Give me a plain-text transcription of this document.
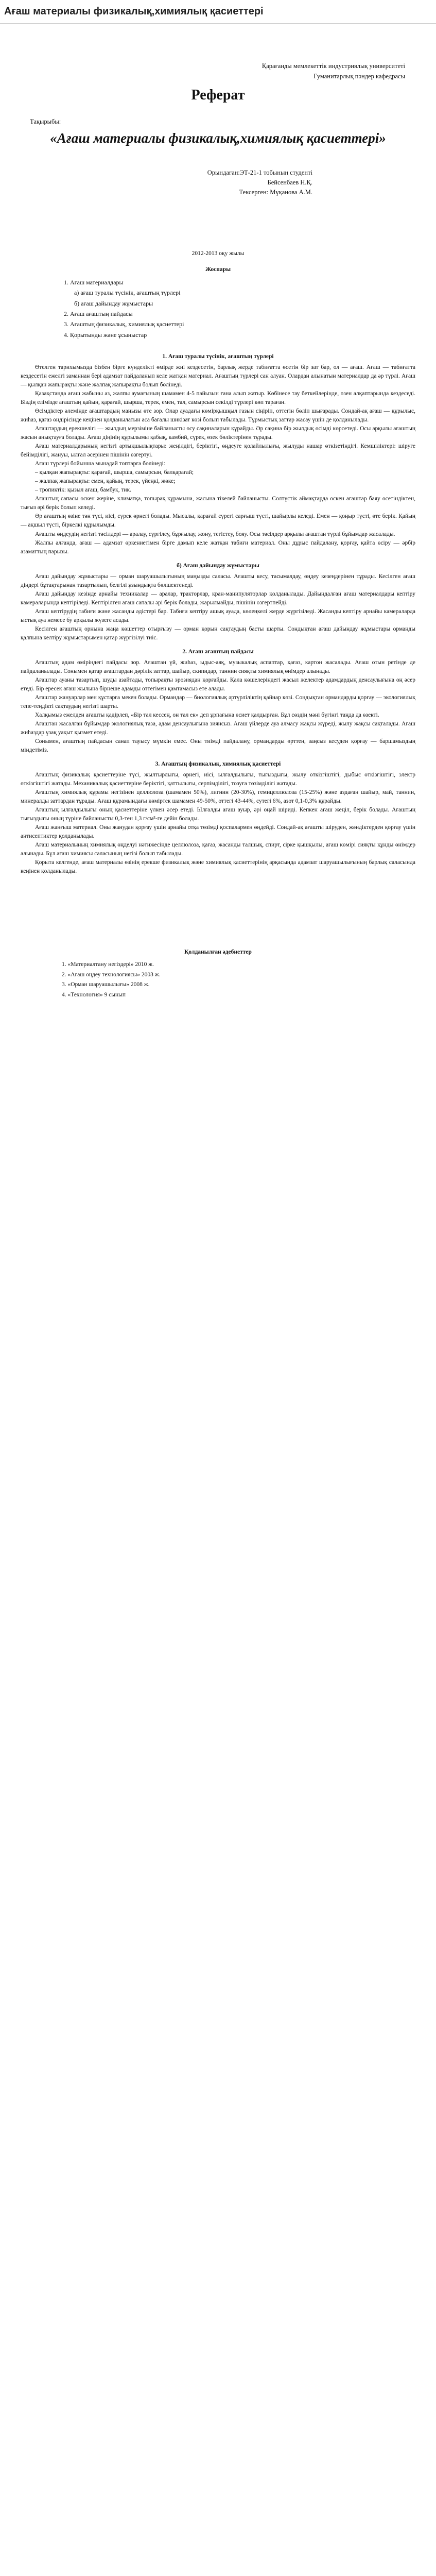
Ағаш материалы физикалық,химиялық қасиеттері
Қарағанды мемлекеттік индустриялық университеті
Гуманитарлық пәндер кафедрасы
Реферат
Тақырыбы:
«Ағаш материалы физикалық,химиялық қасиеттері»
Орындаған:ЭТ-21-1 тобының студенті
Бейсенбаев Н.Қ.
Тексерген: Мұқанова А.М.
2012-2013 оқу жылы
Жоспары
1. Ағаш материалдары
а) ағаш туралы түсінік, ағаштың түрлері
б) ағаш дайындау жұмыстары
2. Ағаш ағаштың пайдасы
3. Ағаштың физикалық, химиялық қасиеттері
4. Қорытынды және ұсыныстар
1. Ағаш туралы түсінік, ағаштың түрлері

Өтелген тарихымызда бізбен бірге күнделікті өмірде жиі кездесетін, барлық жерде табиғатта өсетін бір зат бар, ол — ағаш. Ағаш — табиғатта кездесетін ежелгі заманнан бері адамзат пайдаланып келе жатқан материал. Ағаштың түрлері сан алуан. Олардан алынатын материалдар да әр түрлі. Ағаш — қылқан жапырақты және жалпақ жапырақты болып бөлінеді.

Қазақстанда ағаш жабыны аз, жалпы аумағының шамамен 4-5 пайызын ғана алып жатыр. Көбінесе тау беткейлерінде, өзен алқаптарында кездеседі. Біздің елімізде ағаштың қайың, қарағай, шырша, терек, емен, тал, самырсын секілді түрлері көп тараған.

Өсімдіктер әлемінде ағаштардың маңызы өте зор. Олар ауадағы көмірқышқыл газын сіңіріп, оттегін бөліп шығарады. Сондай-ақ ағаш — құрылыс, жиһаз, қағаз өндірісінде кеңінен қолданылатын аса бағалы шикізат көзі болып табылады. Тұрмыстық заттар жасау үшін де қолданылады.

Ағаштардың ерекшелігі — жылдың мерзіміне байланысты өсу сақиналарын құрайды. Әр сақина бір жылдық өсімді көрсетеді. Осы арқылы ағаштың жасын анықтауға болады. Ағаш діңінің құрылымы қабық, камбий, сүрек, өзек бөліктерінен тұрады.

Ағаш материалдарының негізгі артықшылықтары: жеңілдігі, беріктігі, өңдеуге қолайлылығы, жылуды нашар өткізетіндігі. Кемшіліктері: шіруге бейімділігі, жануы, ылғал әсерінен пішінін өзгертуі.

Ағаш түрлері бойынша мынадай топтарға бөлінеді:

– қылқан жапырақты: қарағай, шырша, самырсын, балқарағай;
– жалпақ жапырақты: емен, қайың, терек, үйеңкі, жөке;
– тропиктік: қызыл ағаш, бамбук, тик.

Ағаштың сапасы өскен жеріне, климатқа, топырақ құрамына, жасына тікелей байланысты. Солтүстік аймақтарда өскен ағаштар баяу өсетіндіктен, тығыз әрі берік болып келеді.

Әр ағаштың өзіне тән түсі, иісі, сүрек өрнегі болады. Мысалы, қарағай сүрегі сарғыш түсті, шайырлы келеді. Емен — қоңыр түсті, өте берік. Қайың — ақшыл түсті, біркелкі құрылымды.

Ағашты өңдеудің негізгі тәсілдері — аралау, сүргілеу, бұрғылау, жону, тегістеу, бояу. Осы тәсілдер арқылы ағаштан түрлі бұйымдар жасалады.

Жалпы алғанда, ағаш — адамзат өркениетімен бірге дамып келе жатқан табиғи материал. Оны дұрыс пайдалану, қорғау, қайта өсіру — әрбір азаматтың парызы.

б) Ағаш дайындау жұмыстары

Ағаш дайындау жұмыстары — орман шаруашылығының маңызды саласы. Ағашты кесу, тасымалдау, өңдеу кезеңдерінен тұрады. Кесілген ағаш діңдері бұтақтарынан тазартылып, белгілі ұзындықта бөлшектенеді.

Ағаш дайындау кезінде арнайы техникалар — аралар, тракторлар, кран-манипуляторлар қолданылады. Дайындалған ағаш материалдары кептіру камераларында кептіріледі. Кептірілген ағаш сапалы әрі берік болады, жарылмайды, пішінін өзгертпейді.

Ағаш кептірудің табиғи және жасанды әдістері бар. Табиғи кептіру ашық ауада, көлеңкелі жерде жүргізіледі. Жасанды кептіру арнайы камераларда ыстық ауа немесе бу арқылы жүзеге асады.

Кесілген ағаштың орнына жаңа көшеттер отырғызу — орман қорын сақтаудың басты шарты. Сондықтан ағаш дайындау жұмыстары орманды қалпына келтіру жұмыстарымен қатар жүргізілуі тиіс.

2. Ағаш ағаштың пайдасы

Ағаштың адам өміріндегі пайдасы зор. Ағаштан үй, жиһаз, ыдыс-аяқ, музыкалық аспаптар, қағаз, картон жасалады. Ағаш отын ретінде де пайдаланылады. Сонымен қатар ағаштардан дәрілік заттар, шайыр, скипидар, таннин сияқты химиялық өнімдер алынады.

Ағаштар ауаны тазартып, шуды азайтады, топырақты эрозиядан қорғайды. Қала көшелеріндегі жасыл желектер адамдардың денсаулығына оң әсер етеді. Бір ересек ағаш жылына бірнеше адамды оттегімен қамтамасыз ете алады.

Ағаштар жануарлар мен құстарға мекен болады. Ормандар — биологиялық әртүрліліктің қайнар көзі. Сондықтан ормандарды қорғау — экологиялық тепе-теңдікті сақтаудың негізгі шарты.

Халқымыз ежелден ағашты қадірлеп, «Бір тал кессең, он тал ек» деп ұрпағына өсиет қалдырған. Бұл сөздің мәні бүгінгі таңда да өзекті.

Ағаштан жасалған бұйымдар экологиялық таза, адам денсаулығына зиянсыз. Ағаш үйлерде ауа алмасу жақсы жүреді, жылу жақсы сақталады. Ағаш жиһаздар ұзақ уақыт қызмет етеді.

Сонымен, ағаштың пайдасын санап тауысу мүмкін емес. Оны тиімді пайдалану, ормандарды өрттен, заңсыз кесуден қорғау — баршамыздың міндетіміз.

3. Ағаштың физикалық, химиялық қасиеттері

Ағаштың физикалық қасиеттеріне түсі, жылтырлығы, өрнегі, иісі, ылғалдылығы, тығыздығы, жылу өткізгіштігі, дыбыс өткізгіштігі, электр өткізгіштігі жатады. Механикалық қасиеттеріне беріктігі, қаттылығы, серпімділігі, тозуға төзімділігі жатады.

Ағаштың химиялық құрамы негізінен целлюлоза (шамамен 50%), лигнин (20-30%), гемицеллюлоза (15-25%) және аздаған шайыр, май, таннин, минералды заттардан тұрады. Ағаш құрамындағы көміртек шамамен 49-50%, оттегі 43-44%, сутегі 6%, азот 0,1-0,3% құрайды.

Ағаштың ылғалдылығы оның қасиеттеріне үлкен әсер етеді. Ылғалды ағаш ауыр, әрі оңай шіриді. Кепкен ағаш жеңіл, берік болады. Ағаштың тығыздығы оның түріне байланысты 0,3-тен 1,3 г/см³-ге дейін болады.

Ағаш жанғыш материал. Оны жанудан қорғау үшін арнайы отқа төзімді қоспалармен өңдейді. Сондай-ақ ағашты шіруден, жәндіктерден қорғау үшін антисептиктер қолданылады.

Ағаш материалының химиялық өңделуі нәтижесінде целлюлоза, қағаз, жасанды талшық, спирт, сірке қышқылы, ағаш көмірі сияқты құнды өнімдер алынады. Бұл ағаш химиясы саласының негізі болып табылады.

Қорыта келгенде, ағаш материалы өзінің ерекше физикалық және химиялық қасиеттерінің арқасында адамзат шаруашылығының барлық саласында кеңінен қолданылады.

Қолданылған әдебиеттер
1. «Материалтану негіздері» 2010 ж.
2. «Ағаш өңдеу технологиясы» 2003 ж.
3. «Орман шаруашылығы» 2008 ж.
4. «Технология» 9 сынып
